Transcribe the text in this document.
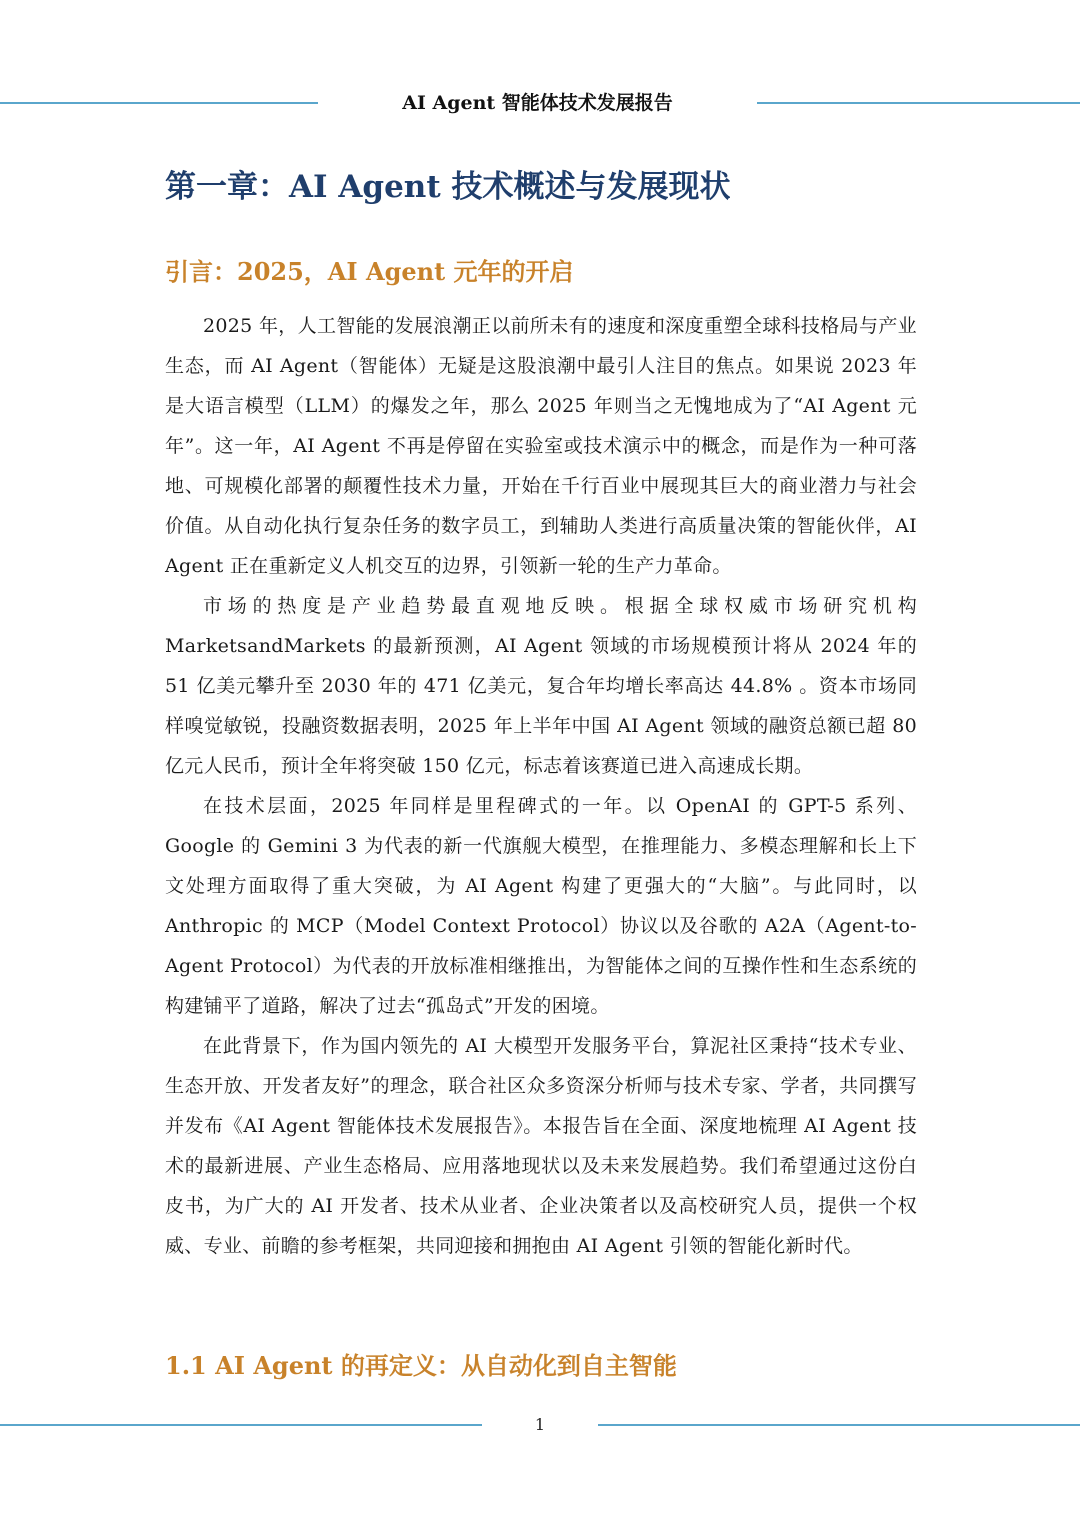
AI Agent 智能体技术发展报告
第一章：AI Agent 技术概述与发展现状
引言：2025，AI Agent 元年的开启

2025 年，人工智能的发展浪潮正以前所未有的速度和深度重塑全球科技格局与产业生态，而 AI Agent（智能体）无疑是这股浪潮中最引人注目的焦点。如果说 2023 年是大语言模型（LLM）的爆发之年，那么 2025 年则当之无愧地成为了“AI Agent 元年”。这一年，AI Agent 不再是停留在实验室或技术演示中的概念，而是作为一种可落地、可规模化部署的颠覆性技术力量，开始在千行百业中展现其巨大的商业潜力与社会价值。从自动化执行复杂任务的数字员工，到辅助人类进行高质量决策的智能伙伴，AI Agent 正在重新定义人机交互的边界，引领新一轮的生产力革命。

市场的热度是产业趋势最直观地反映。根据全球权威市场研究机构 MarketsandMarkets 的最新预测，AI Agent 领域的市场规模预计将从 2024 年的 51 亿美元攀升至 2030 年的 471 亿美元，复合年均增长率高达 44.8% 。资本市场同样嗅觉敏锐，投融资数据表明，2025 年上半年中国 AI Agent 领域的融资总额已超 80 亿元人民币，预计全年将突破 150 亿元，标志着该赛道已进入高速成长期。

在技术层面，2025 年同样是里程碑式的一年。以 OpenAI 的 GPT-5 系列、Google 的 Gemini 3 为代表的新一代旗舰大模型，在推理能力、多模态理解和长上下文处理方面取得了重大突破，为 AI Agent 构建了更强大的“大脑”。与此同时，以 Anthropic 的 MCP（Model Context Protocol）协议以及谷歌的 A2A（Agent-to-Agent Protocol）为代表的开放标准相继推出，为智能体之间的互操作性和生态系统的构建铺平了道路，解决了过去“孤岛式”开发的困境。

在此背景下，作为国内领先的 AI 大模型开发服务平台，算泥社区秉持“技术专业、生态开放、开发者友好”的理念，联合社区众多资深分析师与技术专家、学者，共同撰写并发布《AI Agent 智能体技术发展报告》。本报告旨在全面、深度地梳理 AI Agent 技术的最新进展、产业生态格局、应用落地现状以及未来发展趋势。我们希望通过这份白皮书，为广大的 AI 开发者、技术从业者、企业决策者以及高校研究人员，提供一个权威、专业、前瞻的参考框架，共同迎接和拥抱由 AI Agent 引领的智能化新时代。

1.1 AI Agent 的再定义：从自动化到自主智能
1
